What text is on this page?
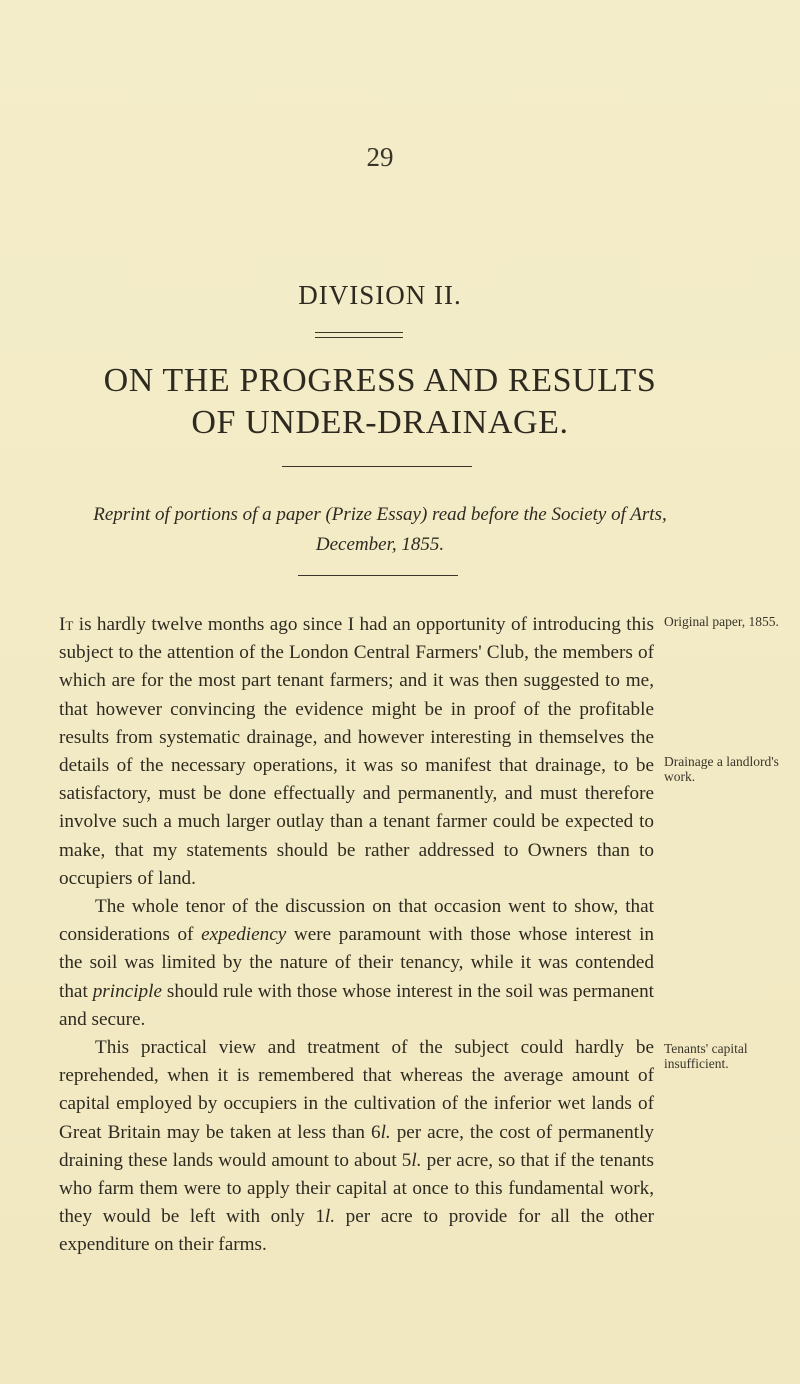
29
DIVISION II.
ON THE PROGRESS AND RESULTS
OF UNDER-DRAINAGE.
Reprint of portions of a paper (Prize Essay) read before the Society of Arts, December, 1855.

It is hardly twelve months ago since I had an opportunity of introducing this subject to the attention of the London Central Farmers' Club, the members of which are for the most part tenant farmers; and it was then suggested to me, that however convincing the evidence might be in proof of the profitable results from systematic drainage, and however interesting in themselves the details of the necessary operations, it was so manifest that drainage, to be satisfactory, must be done effectually and permanently, and must therefore involve such a much larger outlay than a tenant farmer could be expected to make, that my statements should be rather addressed to Owners than to occupiers of land.

The whole tenor of the discussion on that occasion went to show, that considerations of expediency were paramount with those whose interest in the soil was limited by the nature of their tenancy, while it was contended that principle should rule with those whose interest in the soil was permanent and secure.

This practical view and treatment of the subject could hardly be reprehended, when it is remembered that whereas the average amount of capital employed by occupiers in the cultivation of the inferior wet lands of Great Britain may be taken at less than 6l. per acre, the cost of permanently draining these lands would amount to about 5l. per acre, so that if the tenants who farm them were to apply their capital at once to this fundamental work, they would be left with only 1l. per acre to provide for all the other expenditure on their farms.

Original paper, 1855.
Drainage a landlord's work.
Tenants' capital insufficient.
